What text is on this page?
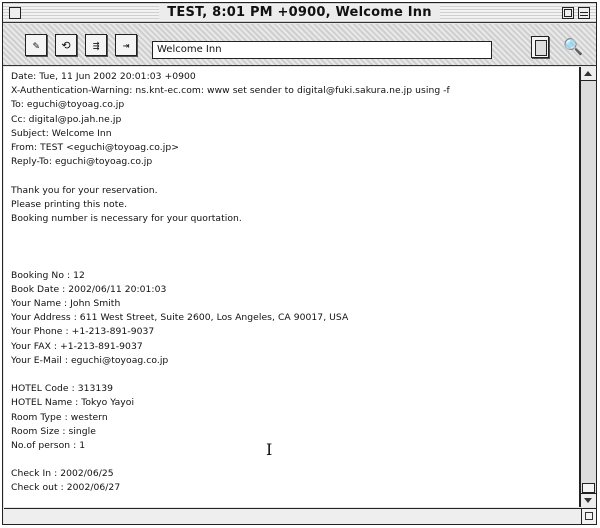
TEST, 8:01 PM +0900, Welcome Inn
✎	⟲	⇶	⇥	Welcome Inn	🔍
Date: Tue, 11 Jun 2002 20:01:03 +0900
X-Authentication-Warning: ns.knt-ec.com: www set sender to digital@fuki.sakura.ne.jp using -f
To: eguchi@toyoag.co.jp
Cc: digital@po.jah.ne.jp
Subject: Welcome Inn
From: TEST <eguchi@toyoag.co.jp>
Reply-To: eguchi@toyoag.co.jp
Thank you for your reservation.
Please printing this note.
Booking number is necessary for your quortation.
Booking No : 12
Book Date : 2002/06/11 20:01:03
Your Name : John Smith
Your Address : 611 West Street, Suite 2600, Los Angeles, CA 90017, USA
Your Phone : +1-213-891-9037
Your FAX : +1-213-891-9037
Your E-Mail : eguchi@toyoag.co.jp
HOTEL Code : 313139
HOTEL Name : Tokyo Yayoi
Room Type : western
Room Size : single
No.of person : 1
Check In : 2002/06/25
Check out : 2002/06/27
I
